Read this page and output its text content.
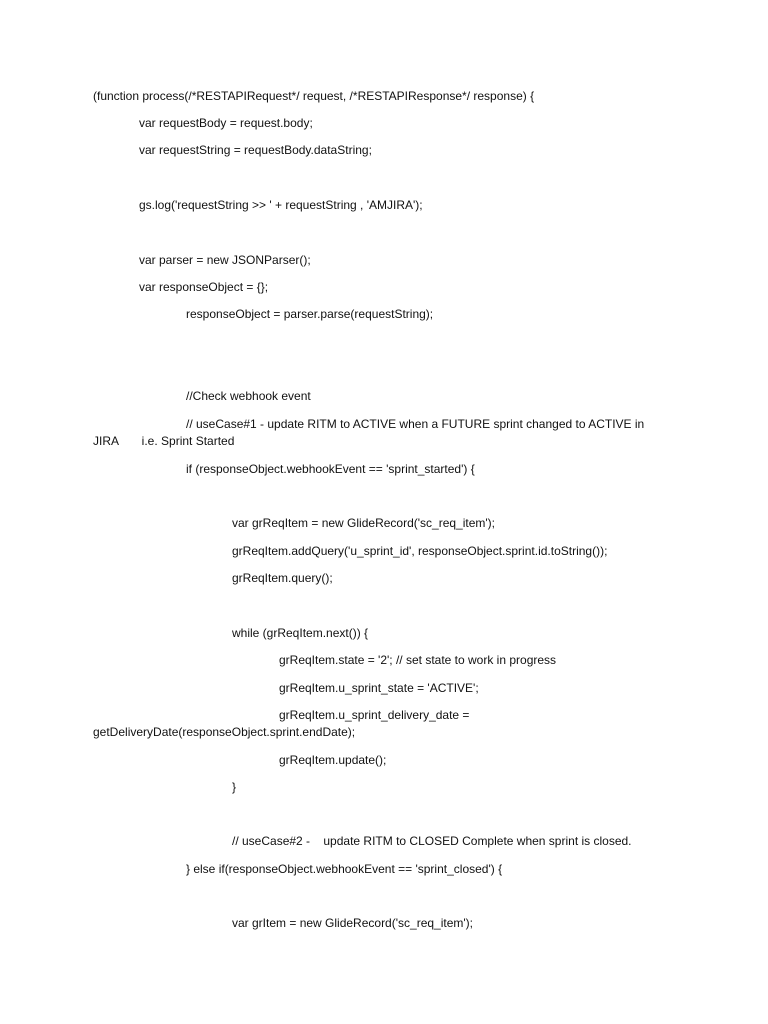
(function process(/*RESTAPIRequest*/ request, /*RESTAPIResponse*/ response) {
var requestBody = request.body;
var requestString = requestBody.dataString;
gs.log('requestString >> ' + requestString , 'AMJIRA');
var parser = new JSONParser();
var responseObject = {};
responseObject = parser.parse(requestString);
//Check webhook event
// useCase#1 - update RITM to ACTIVE when a FUTURE sprint changed to ACTIVE in
JIRA       i.e. Sprint Started
if (responseObject.webhookEvent == 'sprint_started') {
var grReqItem = new GlideRecord('sc_req_item');
grReqItem.addQuery('u_sprint_id', responseObject.sprint.id.toString());
grReqItem.query();
while (grReqItem.next()) {
grReqItem.state = '2'; // set state to work in progress
grReqItem.u_sprint_state = 'ACTIVE';
grReqItem.u_sprint_delivery_date =
getDeliveryDate(responseObject.sprint.endDate);
grReqItem.update();
}
// useCase#2 -    update RITM to CLOSED Complete when sprint is closed.
} else if(responseObject.webhookEvent == 'sprint_closed') {
var grItem = new GlideRecord('sc_req_item');
